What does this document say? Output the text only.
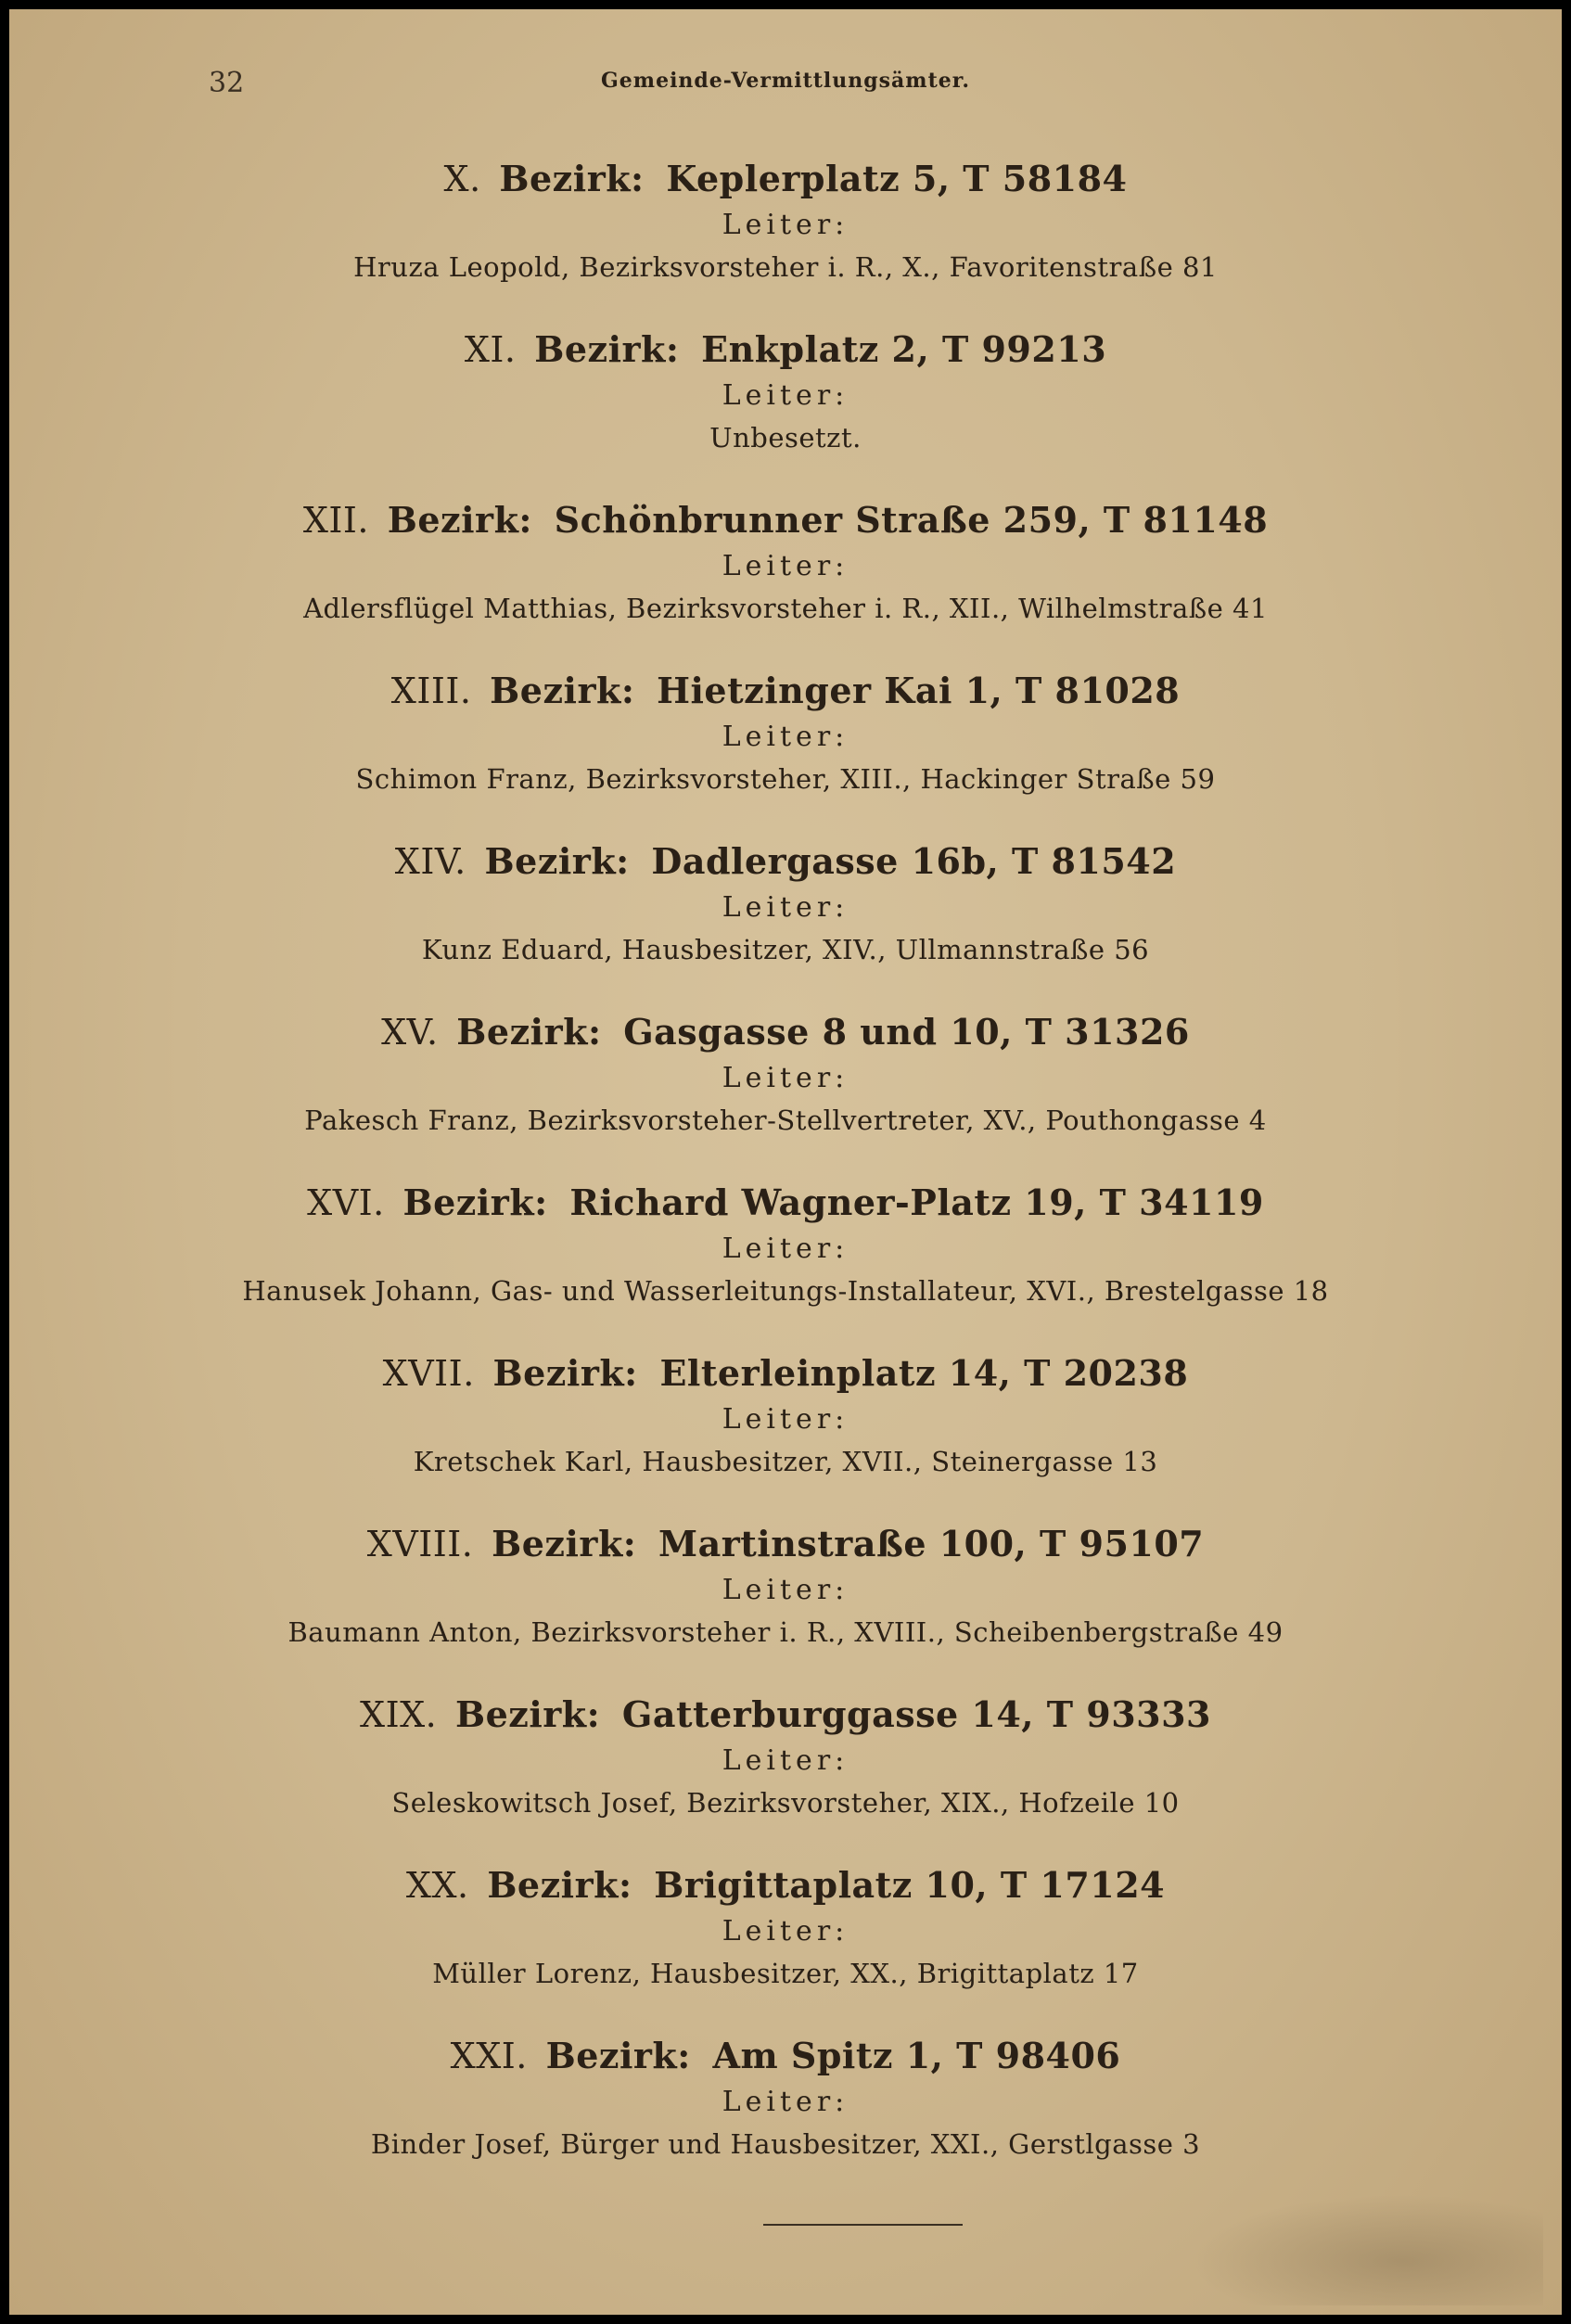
32	Gemeinde-Vermittlungsämter.
X. Bezirk: Keplerplatz 5, T 58184
Leiter:
Hruza Leopold, Bezirksvorsteher i. R., X., Favoritenstraße 81
XI. Bezirk: Enkplatz 2, T 99213
Leiter:
Unbesetzt.
XII. Bezirk: Schönbrunner Straße 259, T 81148
Leiter:
Adlersflügel Matthias, Bezirksvorsteher i. R., XII., Wilhelmstraße 41
XIII. Bezirk: Hietzinger Kai 1, T 81028
Leiter:
Schimon Franz, Bezirksvorsteher, XIII., Hackinger Straße 59
XIV. Bezirk: Dadlergasse 16b, T 81542
Leiter:
Kunz Eduard, Hausbesitzer, XIV., Ullmannstraße 56
XV. Bezirk: Gasgasse 8 und 10, T 31326
Leiter:
Pakesch Franz, Bezirksvorsteher-Stellvertreter, XV., Pouthongasse 4
XVI. Bezirk: Richard Wagner-Platz 19, T 34119
Leiter:
Hanusek Johann, Gas- und Wasserleitungs-Installateur, XVI., Brestelgasse 18
XVII. Bezirk: Elterleinplatz 14, T 20238
Leiter:
Kretschek Karl, Hausbesitzer, XVII., Steinergasse 13
XVIII. Bezirk: Martinstraße 100, T 95107
Leiter:
Baumann Anton, Bezirksvorsteher i. R., XVIII., Scheibenbergstraße 49
XIX. Bezirk: Gatterburggasse 14, T 93333
Leiter:
Seleskowitsch Josef, Bezirksvorsteher, XIX., Hofzeile 10
XX. Bezirk: Brigittaplatz 10, T 17124
Leiter:
Müller Lorenz, Hausbesitzer, XX., Brigittaplatz 17
XXI. Bezirk: Am Spitz 1, T 98406
Leiter:
Binder Josef, Bürger und Hausbesitzer, XXI., Gerstlgasse 3
